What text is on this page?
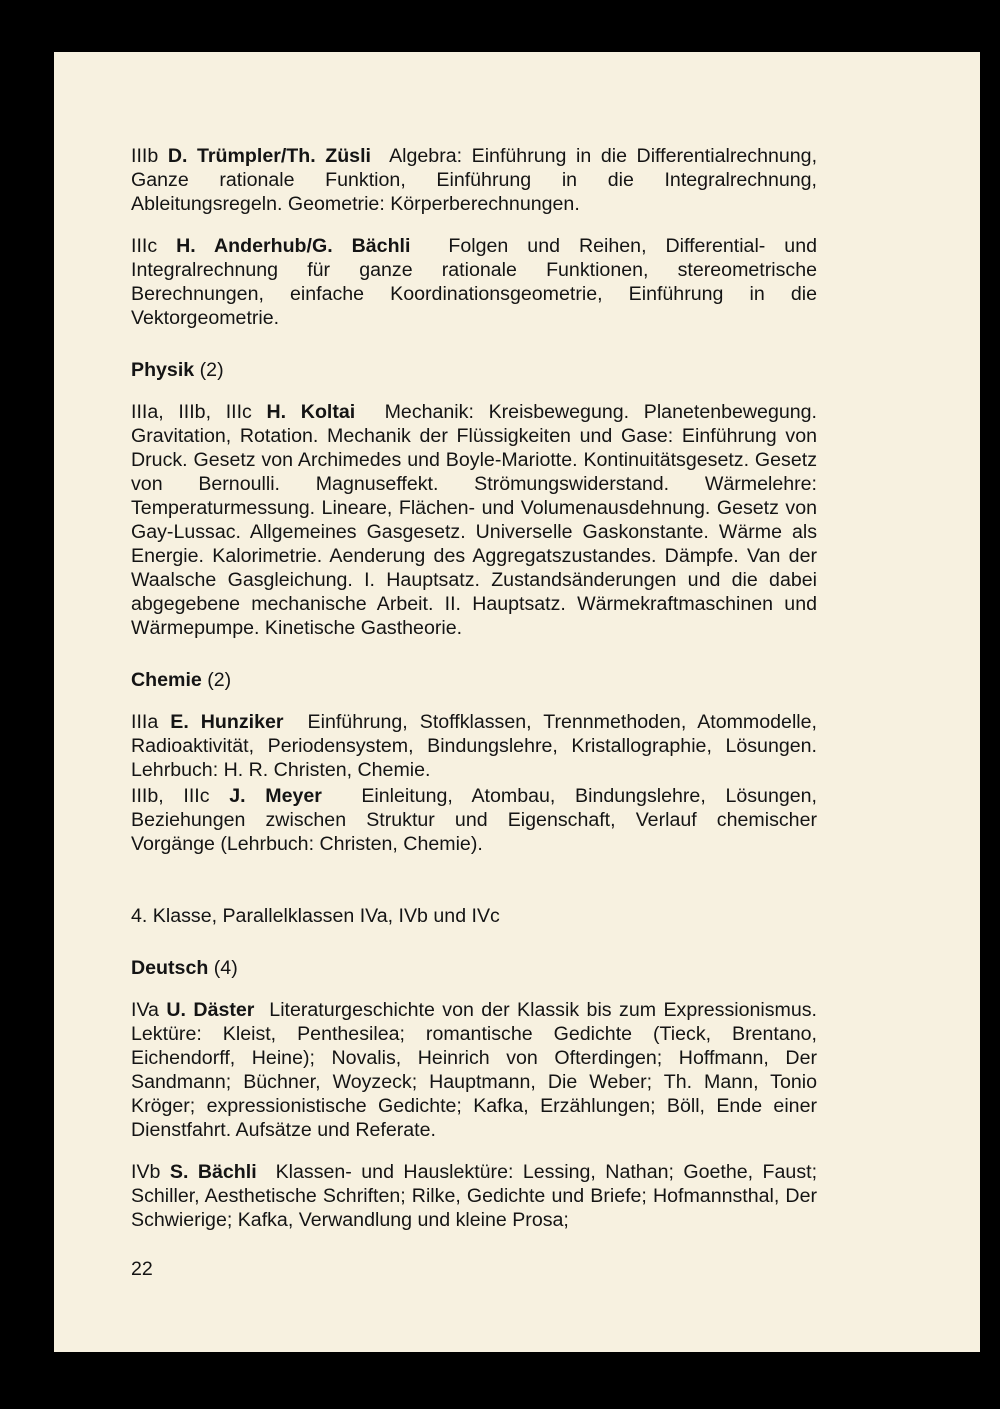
IIIb D. Trümpler/Th. Züsli Algebra: Einführung in die Differentialrechnung, Ganze rationale Funktion, Einführung in die Integralrechnung, Ableitungsregeln. Geometrie: Körperberechnungen.

IIIc H. Anderhub/G. Bächli Folgen und Reihen, Differential- und Integralrechnung für ganze rationale Funktionen, stereometrische Berechnungen, einfache Koordinationsgeometrie, Einführung in die Vektorgeometrie.

Physik (2)

IIIa, IIIb, IIIc H. Koltai Mechanik: Kreisbewegung. Planetenbewegung. Gravitation, Rotation. Mechanik der Flüssigkeiten und Gase: Einführung von Druck. Gesetz von Archimedes und Boyle-Mariotte. Kontinuitätsgesetz. Gesetz von Bernoulli. Magnuseffekt. Strömungswiderstand. Wärmelehre: Temperaturmessung. Lineare, Flächen- und Volumenausdehnung. Gesetz von Gay-Lussac. Allgemeines Gasgesetz. Universelle Gaskonstante. Wärme als Energie. Kalorimetrie. Aenderung des Aggregatszustandes. Dämpfe. Van der Waalsche Gasgleichung. I. Hauptsatz. Zustandsänderungen und die dabei abgegebene mechanische Arbeit. II. Hauptsatz. Wärmekraftmaschinen und Wärmepumpe. Kinetische Gastheorie.

Chemie (2)

IIIa E. Hunziker Einführung, Stoffklassen, Trennmethoden, Atommodelle, Radioaktivität, Periodensystem, Bindungslehre, Kristallographie, Lösungen. Lehrbuch: H. R. Christen, Chemie.

IIIb, IIIc J. Meyer Einleitung, Atombau, Bindungslehre, Lösungen, Beziehungen zwischen Struktur und Eigenschaft, Verlauf chemischer Vorgänge (Lehrbuch: Christen, Chemie).

4. Klasse, Parallelklassen IVa, IVb und IVc

Deutsch (4)

IVa U. Däster Literaturgeschichte von der Klassik bis zum Expressionismus. Lektüre: Kleist, Penthesilea; romantische Gedichte (Tieck, Brentano, Eichendorff, Heine); Novalis, Heinrich von Ofterdingen; Hoffmann, Der Sandmann; Büchner, Woyzeck; Hauptmann, Die Weber; Th. Mann, Tonio Kröger; expressionistische Gedichte; Kafka, Erzählungen; Böll, Ende einer Dienstfahrt. Aufsätze und Referate.

IVb S. Bächli Klassen- und Hauslektüre: Lessing, Nathan; Goethe, Faust; Schiller, Aesthetische Schriften; Rilke, Gedichte und Briefe; Hofmannsthal, Der Schwierige; Kafka, Verwandlung und kleine Prosa;

22
